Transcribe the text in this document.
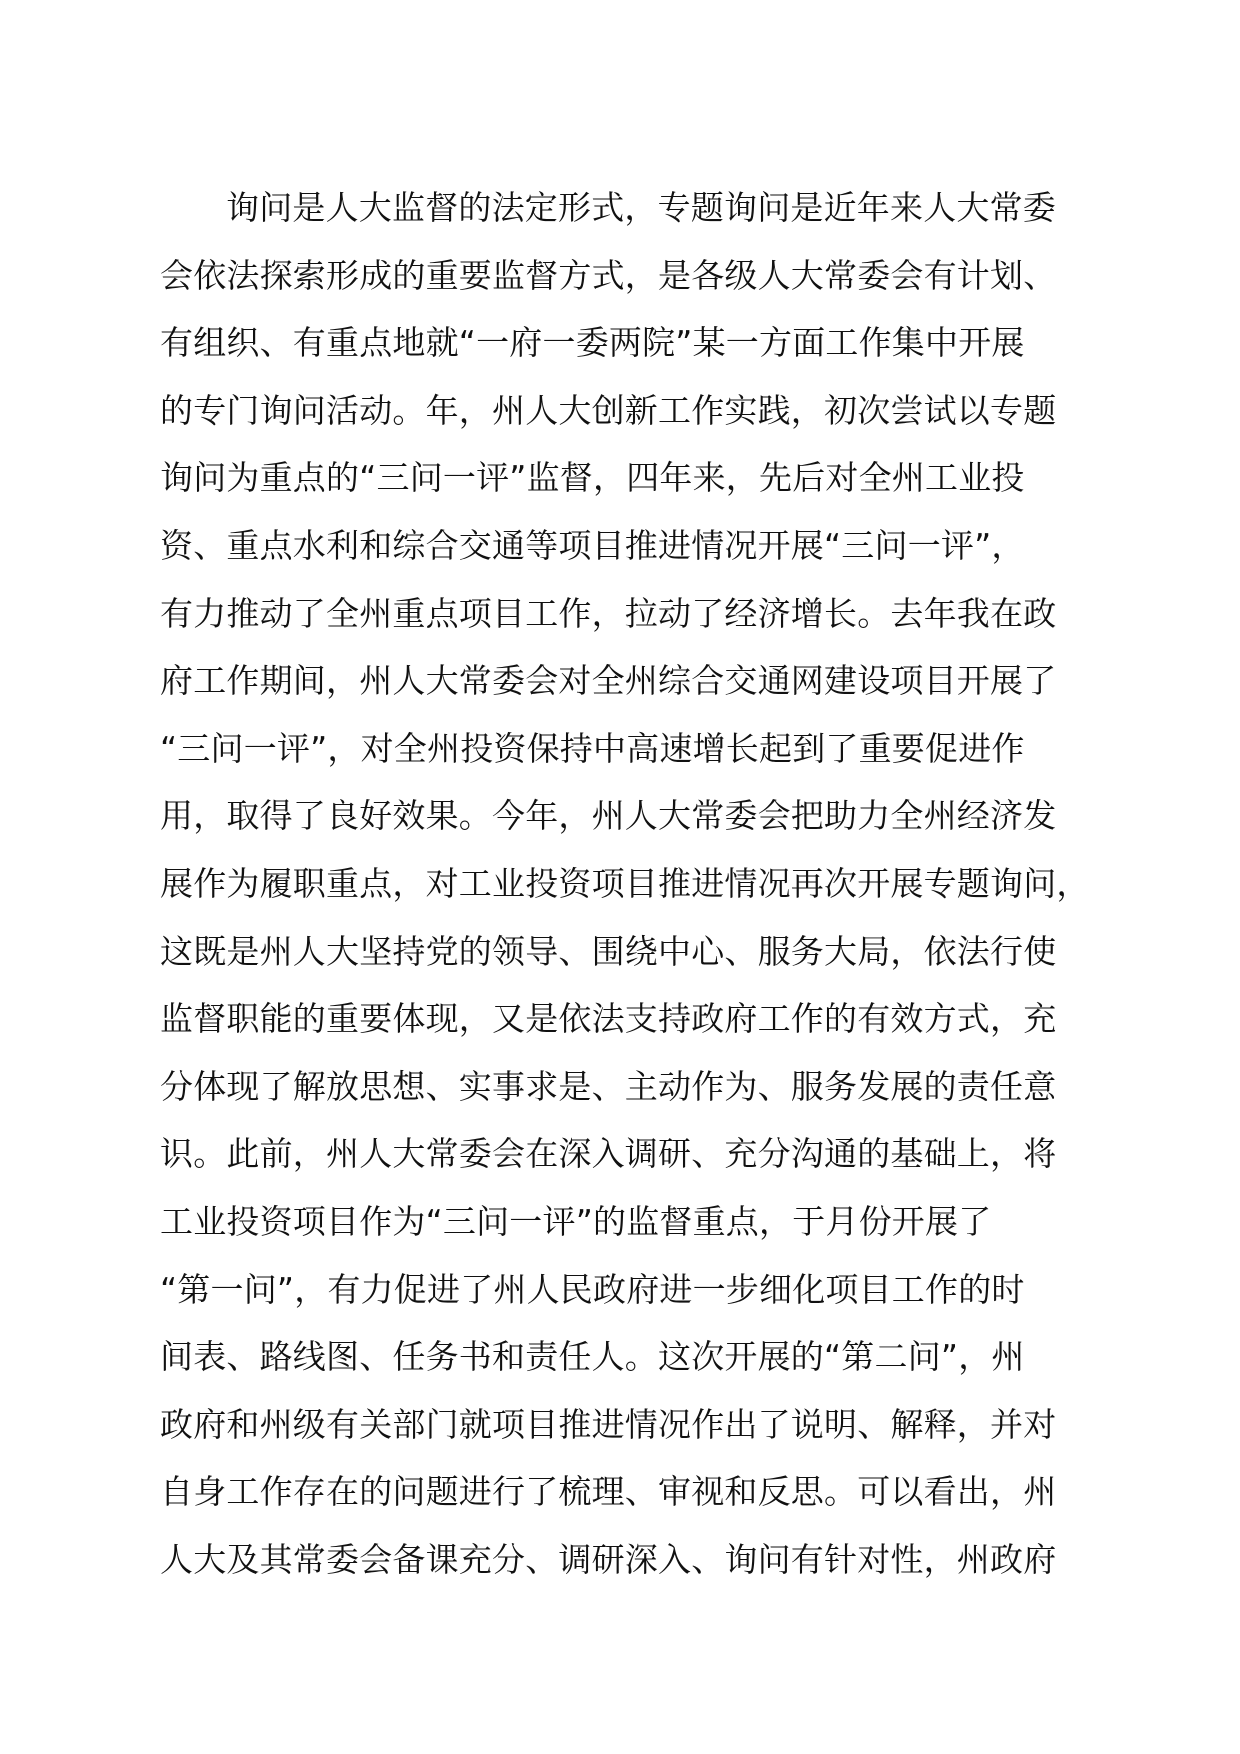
询问是人大监督的法定形式，专题询问是近年来人大常委
会依法探索形成的重要监督方式，是各级人大常委会有计划、
有组织、有重点地就“一府一委两院”某一方面工作集中开展
的专门询问活动。年，州人大创新工作实践，初次尝试以专题
询问为重点的“三问一评”监督，四年来，先后对全州工业投
资、重点水利和综合交通等项目推进情况开展“三问一评”，
有力推动了全州重点项目工作，拉动了经济增长。去年我在政
府工作期间，州人大常委会对全州综合交通网建设项目开展了
“三问一评”，对全州投资保持中高速增长起到了重要促进作
用，取得了良好效果。今年，州人大常委会把助力全州经济发
展作为履职重点，对工业投资项目推进情况再次开展专题询问，
这既是州人大坚持党的领导、围绕中心、服务大局，依法行使
监督职能的重要体现，又是依法支持政府工作的有效方式，充
分体现了解放思想、实事求是、主动作为、服务发展的责任意
识。此前，州人大常委会在深入调研、充分沟通的基础上，将
工业投资项目作为“三问一评”的监督重点，于月份开展了
“第一问”，有力促进了州人民政府进一步细化项目工作的时
间表、路线图、任务书和责任人。这次开展的“第二问”，州
政府和州级有关部门就项目推进情况作出了说明、解释，并对
自身工作存在的问题进行了梳理、审视和反思。可以看出，州
人大及其常委会备课充分、调研深入、询问有针对性，州政府
